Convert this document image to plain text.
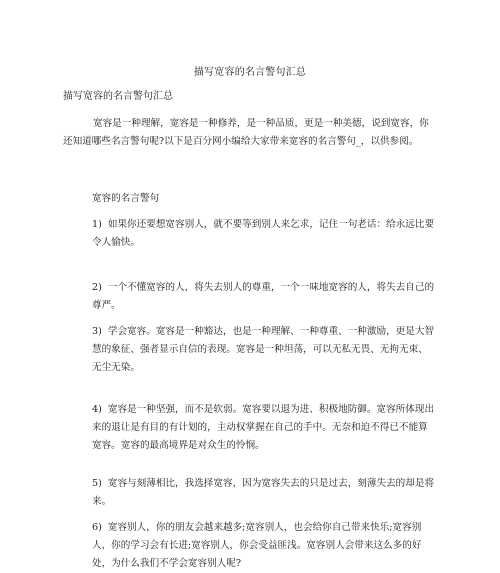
描写宽容的名言警句汇总
描写宽容的名言警句汇总
宽容是一种理解，宽容是一种修养，是一种品质，更是一种美德，说到宽容，你还知道哪些名言警句呢?以下是百分网小编给大家带来宽容的名言警句_，以供参阅。
宽容的名言警句
1) 如果你还要想宽容别人，就不要等到别人来乞求，记住一句老话：给永远比要令人愉快。
2) 一个不懂宽容的人，将失去别人的尊重，一个一味地宽容的人，将失去自己的尊严。
3) 学会宽容。宽容是一种豁达，也是一种理解、一种尊重、一种激励，更是大智慧的象征、强者显示自信的表现。宽容是一种坦荡，可以无私无畏、无拘无束、无尘无染。
4) 宽容是一种坚强，而不是软弱。宽容要以退为进、积极地防御。宽容所体现出来的退让是有目的有计划的，主动权掌握在自己的手中。无奈和迫不得已不能算宽容。宽容的最高境界是对众生的怜悯。
5) 宽容与刻薄相比，我选择宽容，因为宽容失去的只是过去，刻薄失去的却是将来。
6) 宽容别人，你的朋友会越来越多;宽容别人，也会给你自己带来快乐;宽容别人，你的学习会有长进;宽容别人，你会受益匪浅。宽容别人会带来这么多的好处，为什么我们不学会宽容别人呢?
